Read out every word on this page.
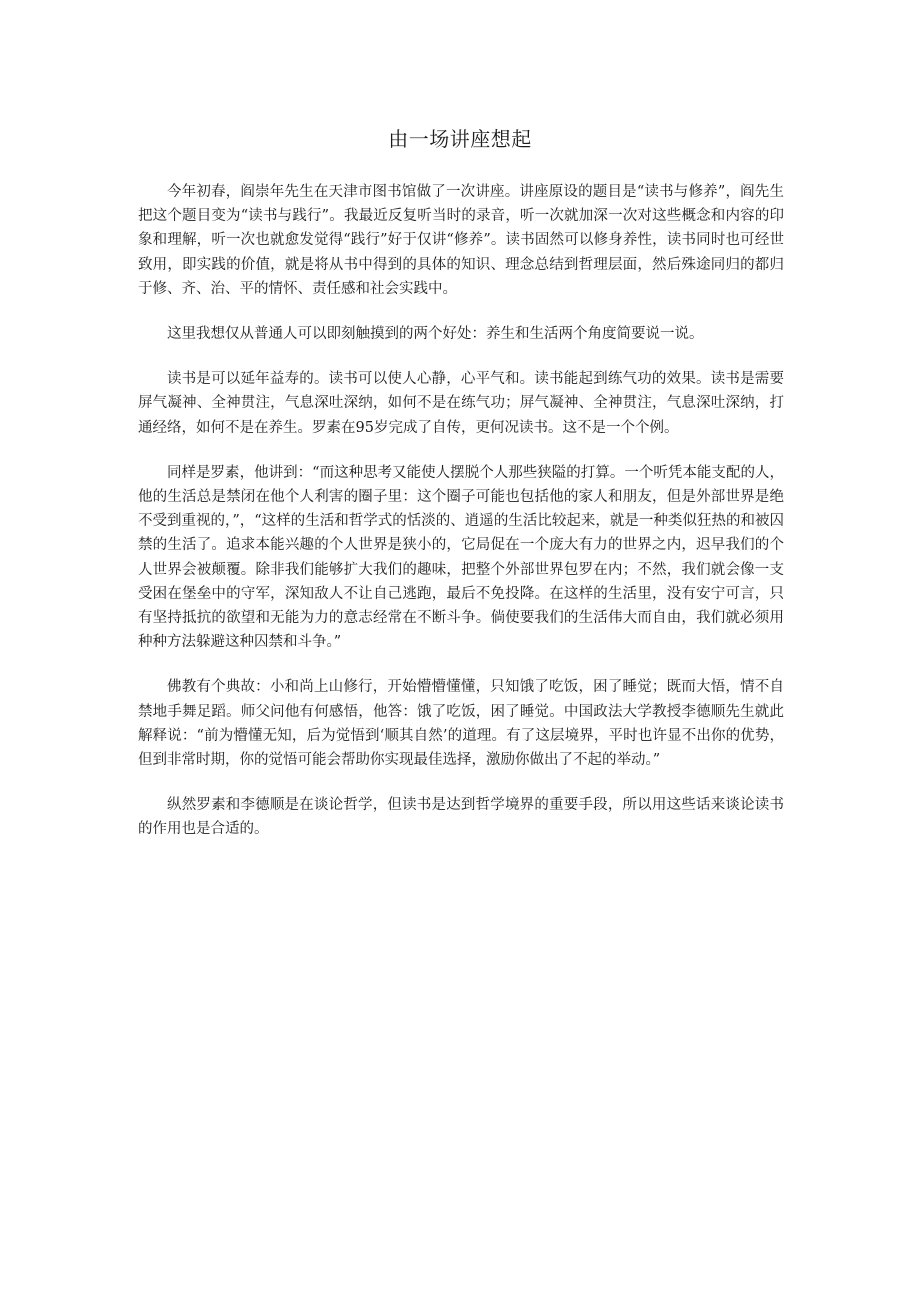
由一场讲座想起

今年初春，阎崇年先生在天津市图书馆做了一次讲座。讲座原设的题目是“读书与修养”，阎先生把这个题目变为“读书与践行”。我最近反复听当时的录音，听一次就加深一次对这些概念和内容的印象和理解，听一次也就愈发觉得“践行”好于仅讲“修养”。读书固然可以修身养性，读书同时也可经世致用，即实践的价值，就是将从书中得到的具体的知识、理念总结到哲理层面，然后殊途同归的都归于修、齐、治、平的情怀、责任感和社会实践中。

这里我想仅从普通人可以即刻触摸到的两个好处：养生和生活两个角度简要说一说。

读书是可以延年益寿的。读书可以使人心静，心平气和。读书能起到练气功的效果。读书是需要屏气凝神、全神贯注，气息深吐深纳，如何不是在练气功；屏气凝神、全神贯注，气息深吐深纳，打通经络，如何不是在养生。罗素在95岁完成了自传，更何况读书。这不是一个个例。

同样是罗素，他讲到：“而这种思考又能使人摆脱个人那些狭隘的打算。一个听凭本能支配的人，他的生活总是禁闭在他个人利害的圈子里：这个圈子可能也包括他的家人和朋友，但是外部世界是绝不受到重视的，”，“这样的生活和哲学式的恬淡的、逍遥的生活比较起来，就是一种类似狂热的和被囚禁的生活了。追求本能兴趣的个人世界是狭小的，它局促在一个庞大有力的世界之内，迟早我们的个人世界会被颠覆。除非我们能够扩大我们的趣味，把整个外部世界包罗在内；不然，我们就会像一支受困在堡垒中的守军，深知敌人不让自己逃跑，最后不免投降。在这样的生活里，没有安宁可言，只有坚持抵抗的欲望和无能为力的意志经常在不断斗争。倘使要我们的生活伟大而自由，我们就必须用种种方法躲避这种囚禁和斗争。”

佛教有个典故：小和尚上山修行，开始懵懵懂懂，只知饿了吃饭，困了睡觉；既而大悟，情不自禁地手舞足蹈。师父问他有何感悟，他答：饿了吃饭，困了睡觉。中国政法大学教授李德顺先生就此解释说：“前为懵懂无知，后为觉悟到‘顺其自然’的道理。有了这层境界，平时也许显不出你的优势，但到非常时期，你的觉悟可能会帮助你实现最佳选择，激励你做出了不起的举动。”

纵然罗素和李德顺是在谈论哲学，但读书是达到哲学境界的重要手段，所以用这些话来谈论读书的作用也是合适的。
